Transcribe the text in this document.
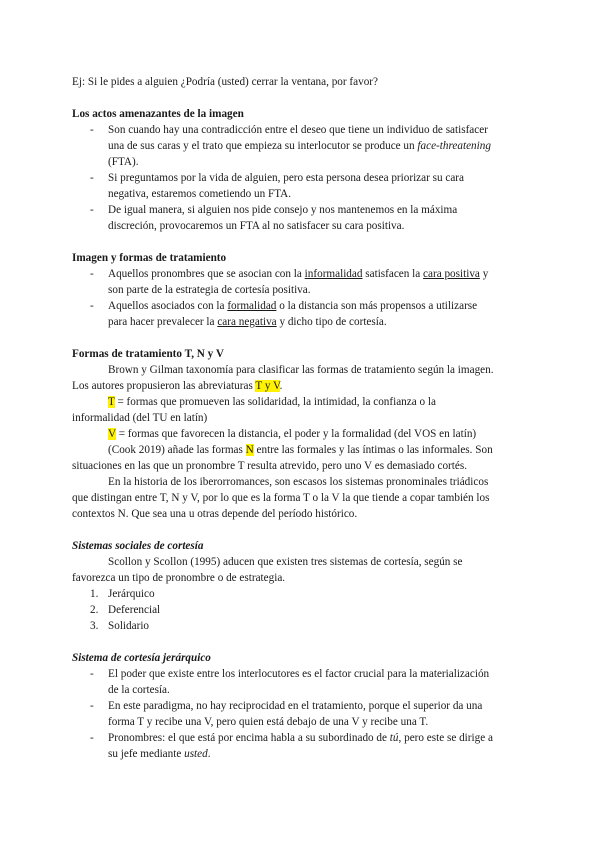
Ej: Si le pides a alguien ¿Podría (usted) cerrar la ventana, por favor?
Los actos amenazantes de la imagen
- Son cuando hay una contradicción entre el deseo que tiene un individuo de satisfacer
una de sus caras y el trato que empieza su interlocutor se produce un face-threatening
(FTA).
- Si preguntamos por la vida de alguien, pero esta persona desea priorizar su cara
negativa, estaremos cometiendo un FTA.
- De igual manera, si alguien nos pide consejo y nos mantenemos en la máxima
discreción, provocaremos un FTA al no satisfacer su cara positiva.
Imagen y formas de tratamiento
- Aquellos pronombres que se asocian con la informalidad satisfacen la cara positiva y
son parte de la estrategia de cortesía positiva.
- Aquellos asociados con la formalidad o la distancia son más propensos a utilizarse
para hacer prevalecer la cara negativa y dicho tipo de cortesía.
Formas de tratamiento T, N y V
Brown y Gilman taxonomía para clasificar las formas de tratamiento según la imagen.
Los autores propusieron las abreviaturas T y V.
T = formas que promueven las solidaridad, la intimidad, la confianza o la
informalidad (del TU en latín)
V = formas que favorecen la distancia, el poder y la formalidad (del VOS en latín)
(Cook 2019) añade las formas N entre las formales y las íntimas o las informales. Son
situaciones en las que un pronombre T resulta atrevido, pero uno V es demasiado cortés.
En la historia de los iberorromances, son escasos los sistemas pronominales triádicos
que distingan entre T, N y V, por lo que es la forma T o la V la que tiende a copar también los
contextos N. Que sea una u otras depende del período histórico.
Sistemas sociales de cortesía
Scollon y Scollon (1995) aducen que existen tres sistemas de cortesía, según se
favorezca un tipo de pronombre o de estrategia.
1. Jerárquico
2. Deferencial
3. Solidario
Sistema de cortesía jerárquico
- El poder que existe entre los interlocutores es el factor crucial para la materialización
de la cortesía.
- En este paradigma, no hay reciprocidad en el tratamiento, porque el superior da una
forma T y recibe una V, pero quien está debajo de una V y recibe una T.
- Pronombres: el que está por encima habla a su subordinado de tú, pero este se dirige a
su jefe mediante usted.
